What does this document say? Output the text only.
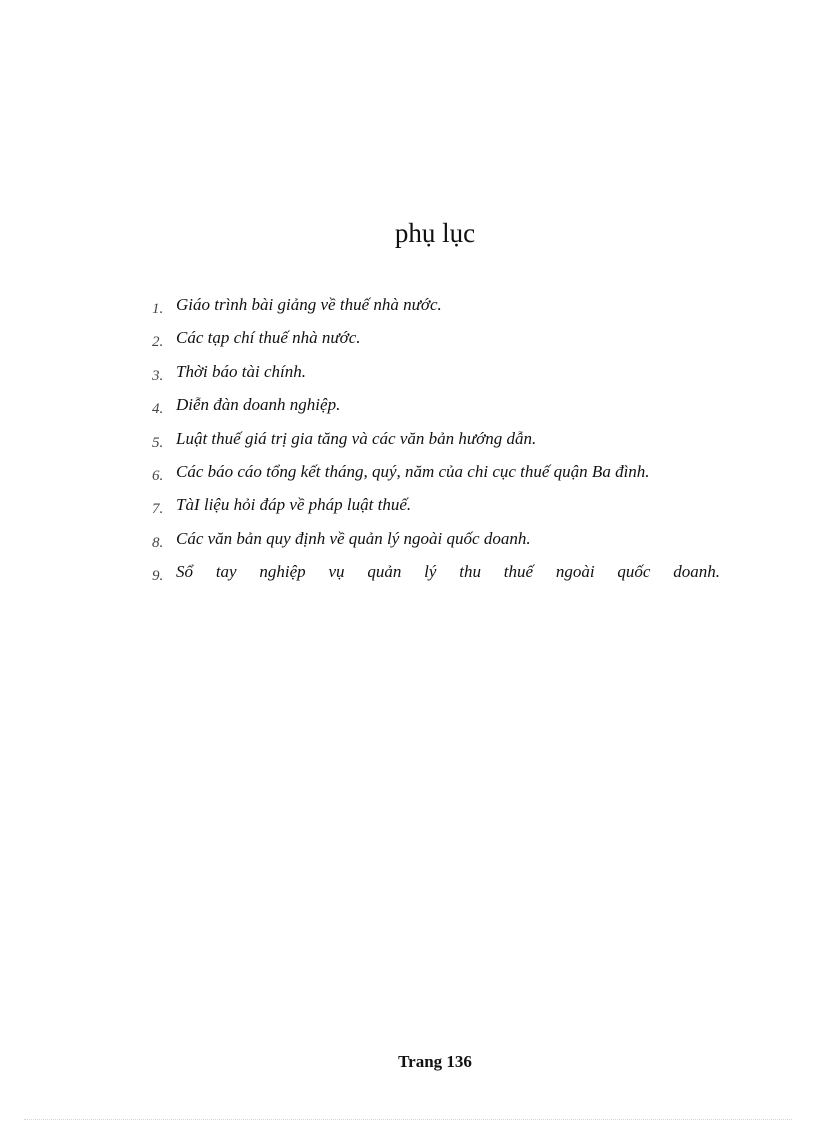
phụ lục
1. Giáo trình bài giảng về thuế nhà nước.
2. Các tạp chí thuế nhà nước.
3. Thời báo tài chính.
4. Diễn đàn doanh nghiệp.
5. Luật thuế giá trị gia tăng và các văn bản hướng dẫn.
6. Các báo cáo tổng kết tháng, quý, năm của chi cục thuế quận Ba đình.
7. TàI liệu hỏi đáp về pháp luật thuế.
8. Các văn bản quy định về quản lý ngoài quốc doanh.
9. Sổ tay nghiệp vụ quản lý thu thuế ngoài quốc doanh.
Trang 136
